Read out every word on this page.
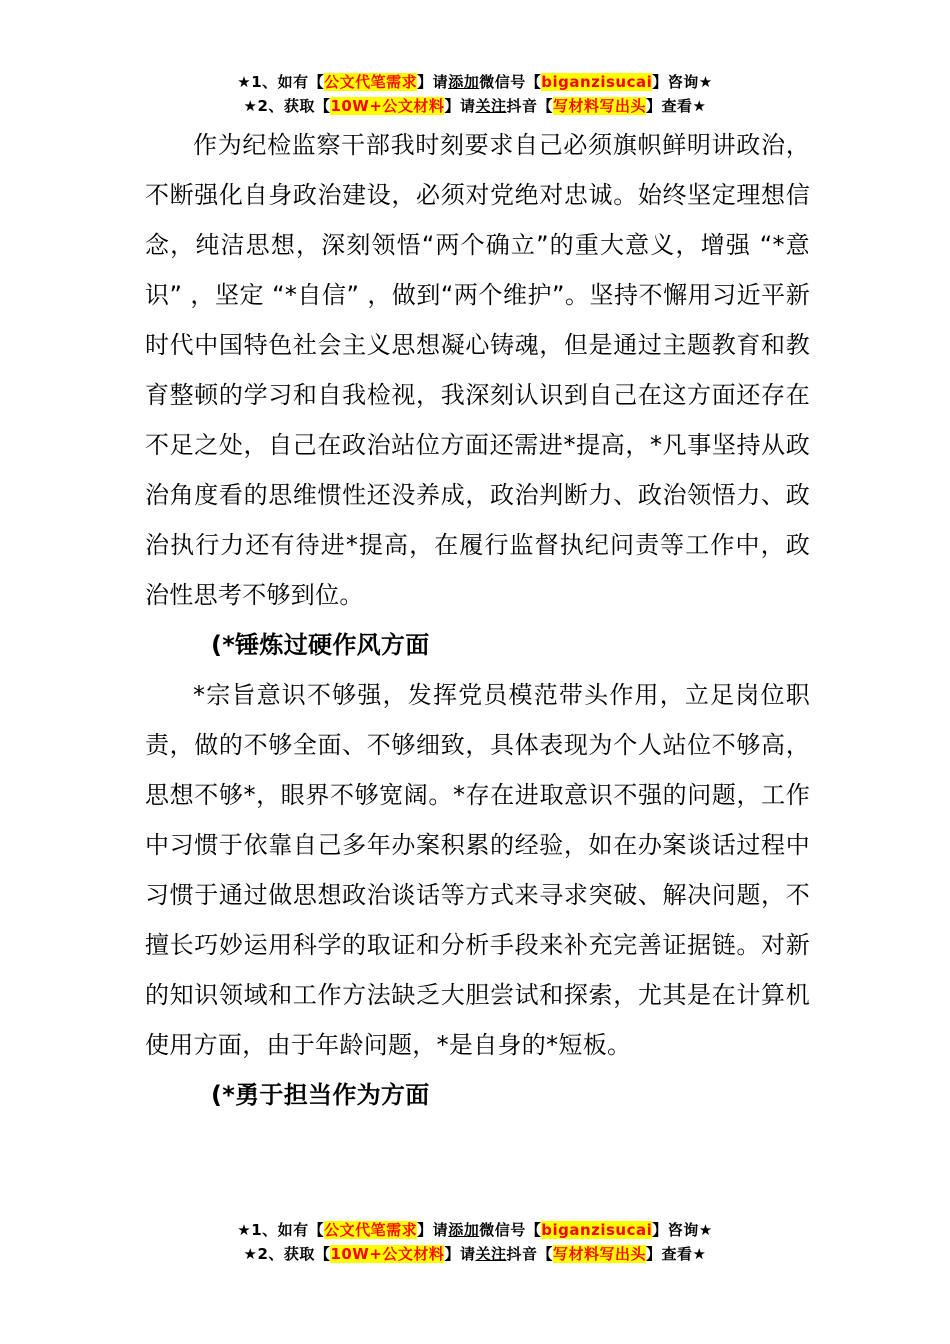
★1、如有【公文代笔需求】请添加微信号【biganzisucai】咨询★
★2、获取【10W+公文材料】请关注抖音【写材料写出头】查看★

作为纪检监察干部我时刻要求自己必须旗帜鲜明讲政治，不断强化自身政治建设，必须对党绝对忠诚。始终坚定理想信念，纯洁思想，深刻领悟“两个确立”的重大意义，增强 “*意识” ，坚定 “*自信” ，做到“两个维护”。坚持不懈用习近平新时代中国特色社会主义思想凝心铸魂，但是通过主题教育和教育整顿的学习和自我检视，我深刻认识到自己在这方面还存在不足之处，自己在政治站位方面还需进*提高，*凡事坚持从政治角度看的思维惯性还没养成，政治判断力、政治领悟力、政治执行力还有待进*提高，在履行监督执纪问责等工作中，政治性思考不够到位。

(*锤炼过硬作风方面

*宗旨意识不够强，发挥党员模范带头作用，立足岗位职责，做的不够全面、不够细致，具体表现为个人站位不够高，思想不够*，眼界不够宽阔。*存在进取意识不强的问题，工作中习惯于依靠自己多年办案积累的经验，如在办案谈话过程中习惯于通过做思想政治谈话等方式来寻求突破、解决问题，不擅长巧妙运用科学的取证和分析手段来补充完善证据链。对新的知识领域和工作方法缺乏大胆尝试和探索，尤其是在计算机使用方面，由于年龄问题，*是自身的*短板。

(*勇于担当作为方面

★1、如有【公文代笔需求】请添加微信号【biganzisucai】咨询★
★2、获取【10W+公文材料】请关注抖音【写材料写出头】查看★
